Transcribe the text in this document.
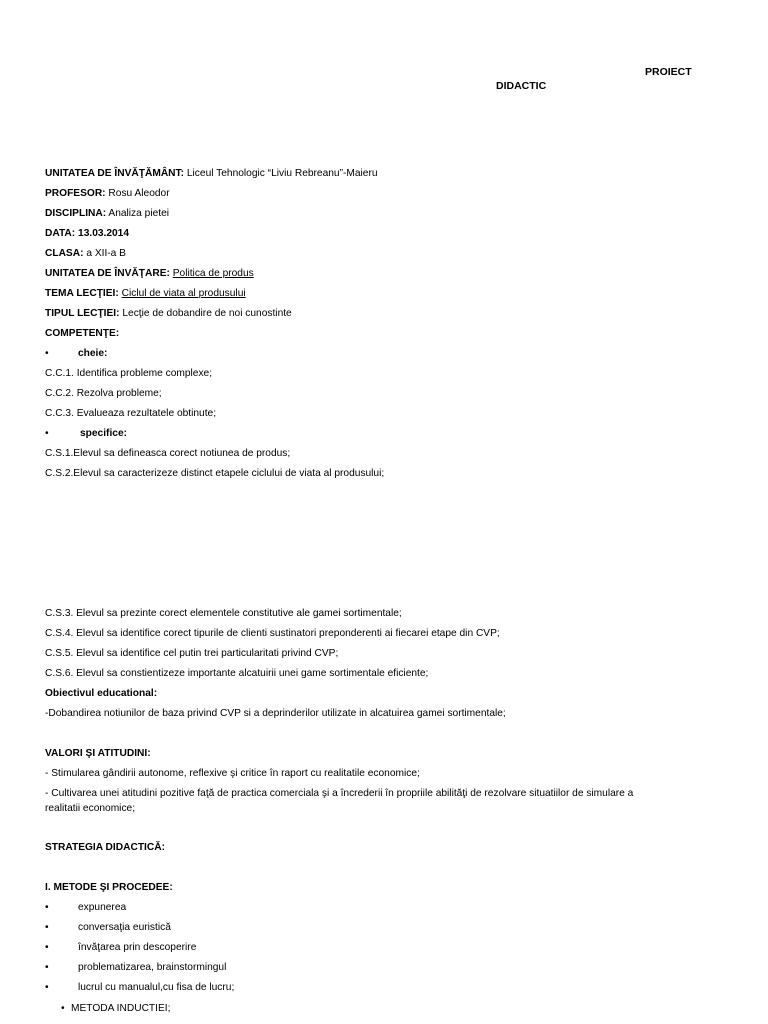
PROIECT
DIDACTIC
UNITATEA DE ÎNVĂŢĂMÂNT: Liceul Tehnologic “Liviu Rebreanu”-Maieru
PROFESOR: Rosu Aleodor
DISCIPLINA: Analiza pietei
DATA: 13.03.2014
CLASA: a XII-a B
UNITATEA DE ÎNVĂŢARE: Politica de produs
TEMA LECŢIEI: Ciclul de viata al produsului
TIPUL LECŢIEI: Lecţie de dobandire de noi cunostinte
COMPETENŢE:
•	cheie:
C.C.1. Identifica probleme complexe;
C.C.2. Rezolva probleme;
C.C.3. Evalueaza rezultatele obtinute;
•	specifice:
C.S.1.Elevul sa defineasca corect notiunea de produs;
C.S.2.Elevul sa caracterizeze distinct etapele ciclului de viata al produsului;
C.S.3. Elevul sa prezinte corect elementele constitutive ale gamei sortimentale;
C.S.4. Elevul sa identifice corect tipurile de clienti sustinatori preponderenti ai fiecarei etape din CVP;
C.S.5. Elevul sa identifice cel putin trei particularitati privind CVP;
C.S.6. Elevul sa constientizeze importante alcatuirii unei game sortimentale eficiente;
Obiectivul educational:
-Dobandirea notiunilor de baza privind CVP si a deprinderilor utilizate in alcatuirea gamei sortimentale;
VALORI ŞI ATITUDINI:
- Stimularea gândirii autonome, reflexive şi critice în raport cu realitatile economice;
- Cultivarea unei atitudini pozitive faţă de practica comerciala şi a încrederii în propriile abilităţi de rezolvare situatiilor de simulare a
realitatii economice;
STRATEGIA DIDACTICĂ:
I. METODE ŞI PROCEDEE:
•	expunerea
•	conversaţia euristică
•	învăţarea prin descoperire
•	problematizarea, brainstormingul
•	lucrul cu manualul,cu fisa de lucru;
• METODA INDUCTIEI;
